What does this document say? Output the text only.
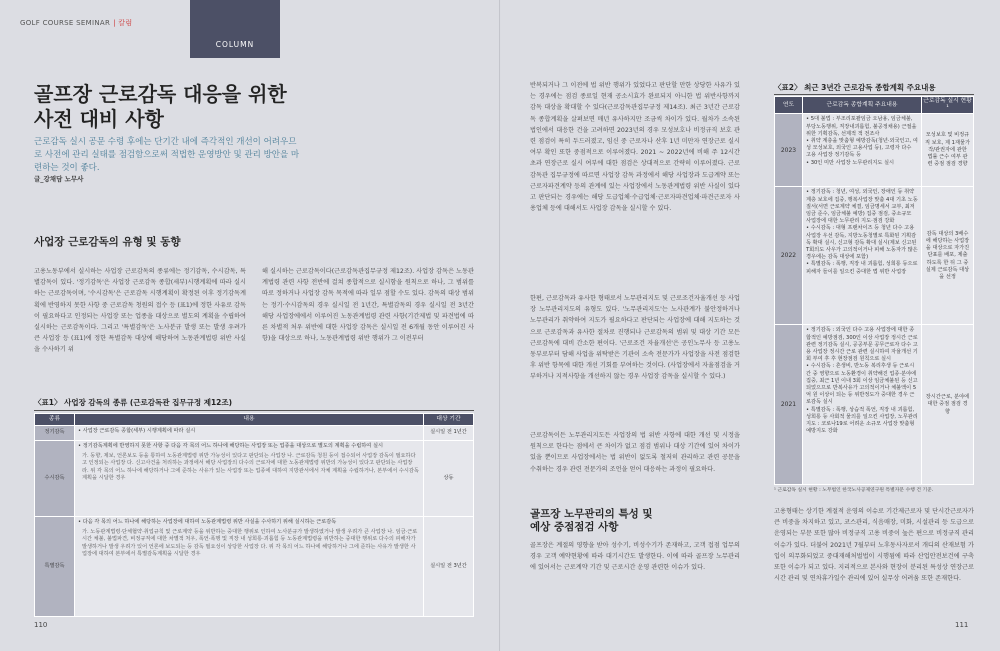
GOLF COURSE SEMINAR | 칼럼
COLUMN
골프장 근로감독 대응을 위한
사전 대비 사항
근로감독 실시 공문 수령 후에는 단기간 내에 즉각적인 개선이 어려우므로 사전에 관리 실태를 점검함으로써 적법한 운영방안 및 관리 방안을 마련하는 것이 좋다.
글_강채담 노무사
사업장 근로감독의 유형 및 동향
고용노동부에서 실시하는 사업장 근로감독의 종류에는 정기감독, 수시감독, 특별감독이 있다. '정기감독'은 사업장 근로감독 종합(세부)시행계획에 따라 실시하는 근로감독이며, '수시감독'은 근로감독 시행계획이 확정된 이후 정기감독계획에 반영하지 못한 사항 중 근로감독 청원의 접수 등 (표1)에 정한 사유로 감독이 필요하다고 인정되는 사업장 또는 업종을 대상으로 별도의 계획을 수립하여 실시하는 근로감독이다. 그리고 '특별감독'은 노사분규 발생 또는 발생 우려가 큰 사업장 등 (표1)에 정한 특별감독 대상에 해당하여 노동관계법령 위반 사실을 수사하기 위
해 실시하는 근로감독이다(근로감독관집무규정 제12조). 사업장 감독은 노동관계법령 관련 사항 전반에 걸쳐 종합적으로 실시함을 원칙으로 하나, 그 범위를 따로 정하거나 사업장 감독 목적에 따라 일부 점할 수도 있다. 감독의 대상 범위는 정기·수시감독의 경우 실시일 전 1년간, 특별감독의 경우 실시일 전 3년간 해당 사업장에에서 이루어진 노동관계법령 관련 사항(기간제법 및 파견법에 따른 차별적 처우 위반에 대한 사업장 감독은 실시일 전 6개월 동안 이루어진 사항)을 대상으로 하나, 노동관계법령 위반 행위가 그 이전부터
〈표1〉 사업장 감독의 종류 (근로감독관 집무규정 제12조)
종류	내용	대상 기간
정기감독	• 사업장 근로감독 종합(세부) 시행계획에 따라 실시	실시일 전 1년간
수시감독	• 정기감독계획에 반영하지 못한 사항 중 다음 각 목의 어느 하나에 해당하는 사업장 또는 업종을 대상으로 별도의 계획을 수립하여 실시
가. 동향, 제보, 언론보도 등을 통하여 노동관계법령 위반 가능성이 있다고 판단되는 사업장 나. 근로감독 청원 등이 접수되어 사업장 감독이 필요하다고 인정되는 사업장 다. 신고사건을 처리하는 과정에서 해당 사업장의 다수의 근로자에 대한 노동관계법령 위반의 가능성이 있다고 판단되는 사업장 라. 위 각 목의 어느 하나에 해당하거나 그에 준하는 사유가 있는 사업장 또는 업종에 대하여 지방관서에서 자체 계획을 수립하거나, 본부에서 수시감독 계획을 시달한 경우	상동
특별감독	• 다음 각 목의 어느 하나에 해당하는 사업장에 대하여 노동관계법령 위반 사실을 수사하기 위해 실시하는 근로감독
가. 노동관계법령·단체협약·취업규칙 및 근로계약 등을 위반하는 중대한 행위로 인하여 노사분규가 발생하였거나 발생 우려가 큰 사업장 나. 임금·근로시간 체불, 불법파견, 비정규직에 대한 차별적 처우, 폭언·폭행 및 직장 내 성희롱·괴롭힘 등 노동관계법령을 위반하는 중대한 행위로 다수의 피해자가 발생하거나 발생 우려가 있어 언론에 보도되는 등 감독 필요성이 상당한 사업장 다. 위 각 목의 어느 하나에 해당하거나 그에 준하는 사유가 발생한 사업장에 대하여 본부에서 특별감독계획을 시달한 경우	실시일 전 3년간
반복되거나 그 이전에 법 위반 행위가 있었다고 판단할 만한 상당한 사유가 있는 경우에는 점검 종료일 현재 공소시효가 완료되지 아니한 법 위반사항까지 감독 대상을 확대할 수 있다(근로감독관집무규정 제14조). 최근 3년간 근로감독 종합계획을 살펴보면 매년 유사하지만 조금씩 차이가 있다. 월차가 소속된 법인에서 대응한 건을 고려하면 2023년의 경우 모성보호나 비정규직 보호 관련 점검이 특히 두드러졌고, 임신 중 근로자나 산후 1년 미만자 연장근로 실시 여부 확인 또한 중점적으로 이루어졌다. 2021 ~ 2022년에 비해 주 12시간 초과 연장근로 실시 여부에 대한 점검은 상대적으로 간략히 이루어졌다. 근로감독관 집무규정에 따르면 사업장 감독 과정에서 해당 사업장과 도급계약 또는 근로자파견계약 등의 관계에 있는 사업장에서 노동관계법령 위반 사실이 있다고 판단되는 경우에는 해당 도급업체·수급업체·근로자파견업체·파견근로자 사용업체 등에 대해서도 사업장 감독을 실시할 수 있다.
한편, 근로감독과 유사한 형태로서 노무관리지도 및 근로조건자율개선 등 사업장 노무관리지도의 유형도 있다. '노무관리지도'는 노사관계가 불안정하거나 노무관리가 취약하여 지도가 필요하다고 판단되는 사업장에 대해 지도하는 것으로 근로감독과 유사한 절차로 진행되나 근로감독의 범위 및 대상 기간 모든 근로감독에 대비 간소한 편이다. '근로조건 자율개선'은 공인노무사 등 고용노동부로부터 담해 사업을 위탁받은 기관이 소속 전문가가 사업장을 사전 점검한 후 위반 항목에 대한 개선 기회를 부여하는 것이다. (사업장에서 자율점검을 거부하거나 지적사항을 개선하지 않는 경우 사업장 감독을 실시할 수 있다.)
근로감독이든 노무관리지도든 사업장의 법 위반 사항에 대한 개선 및 시정을 원칙으로 한다는 점에서 큰 차이가 없고 점검 범위나 대상 기간에 있어 차이가 있을 뿐이므로 사업장에서는 법 위반이 없도록 철저히 관리하고 관련 공문을 수취하는 경우 관련 전문가의 조언을 얻어 대응하는 과정이 필요하다.
골프장 노무관리의 특성 및
예상 중점점검 사항
골프장은 계절의 영향을 받아 성수기, 비성수기가 존재하고, 고객 접점 업무의 경우 고객 예약현황에 따라 대기시간도 발생한다. 이에 따라 골프장 노무관리에 있어서는 근로계약 기간 및 근로시간 운영 관련한 이슈가 있다.
〈표2〉 최근 3년간 근로감독 종합계획 주요내용
연도	근로감독 종합계획 주요내용	근로감독 실시 현황¹
2023	• 5대 불법 : 부조리포괄임금 오남용, 임금체불, 부당노동행위, 직장내괴롭힘, 불공정채용) 근절을 위한 기획감독, 선제적 적 전조사
• 취약 계층을 맞춤형 예방감독(청년·외국인고, 여성 모성보호, 외국인 고용사업 등), 고령자 다수 고용 사업장 정기감독 등
• 30인 미만 사업장 노무관리지도 실시	모성보호 및 비정규직 보호, 제 1재물가작/관권자에 관한 법률 근수 여부 관련 중점 점검 경향
2022	• 정기감독 : 청년, 여성, 외국인, 장애인 등 취약계층 보호에 집중, 행복사업장 맞춤 4대 기초 노동질서(서면 근로계약 체결, 임금명세서 교부, 최저임금 준수, 임금체불 예방) 집중 점검, 중소규모 사업장에 대한 노무관리 지도·점검 강화
• 수시감독 : 대형 프랜차이즈 등 청년 다수 고용 사업장 우선 감독, 지방노동청별로 특화된 기획감독 확대 실시, 신고형 감독 확대 실시(제보 신고된 T회의도 사우가 고의적이거나 피해 노동자가 많은 경우에는 감독 대상에 포함)
• 특별감독 : 폭행, 직장 내 괴롭힘, 성희롱 등으로 피해자 들이를 일으킨 중대한 법 위반 사업장	감독 대상의 3배수에 해당하는 사업장을 대상으로 자가진단표를 배포, 제출하도록 한 뒤 그 중 실제 근로감독 대상을 선정
2021	• 정기감독 : 외국인 다수 고용 사업장에 대한 종합적인 예방점검, 300인 이상 사업장 정시간 근로 관련 정기감독 실시, 공공부문 공무근로자 다수 고용 사업장 정시간 근로 관련 실시하여 자율개선 기회 부여 후 후 현장점검 원칙으로 실시
• 수시감독 : 흔생비, 반노동 복리후생 등 근로시간 중 영향으로 노동환경이 취약해진 업종·분야에 집중, 최근 1년 이내 3회 이상 임금체불된 등 신고되었으므로 반복사유가 고의적이거나 체불액이 5억 원 이상이 되는 등 위반정도가 중대한 경우 근로감독 실시
• 특별감독 : 폭행, 상습적 폭언, 직장 내 괴롭힘, 성희롱 등 사회적 물의를 일으킨 사업장, 노무관리지도 : 코로나19로 어려운 소규모 사업장 맞춤형 예방지도 강화	장시간근로, 분야에 대한 중점 점검 경향
¹ 근로감독 실시 현황 : 노무법인 한국노사공제연구원 특별자문 수행 건 기준.
고용형태는 상기한 계절적 운영의 이슈로 기간제근로자 및 단시간근로자가 큰 비중을 차지하고 있고, 코스관리, 식음매장, 미화, 시설관리 등 도급으로 운영되는 부문 또한 많아 비정규직 고용 비중이 높은 편으로 비정규직 관리 이슈가 있다. 더불어 2021년 7월부터 노후동사자로서 개디의 산재보험 가입이 의무화되었고 중대재해처벌법이 시행됨에 따라 산업안전보건에 구축 또한 이슈가 되고 있다. 지리적으로 본사와 현장이 분리된 특성상 연장근로시간 관리 및 연차휴가일수 관리에 있어 실무상 어려움 또한 존재한다.
110	111
